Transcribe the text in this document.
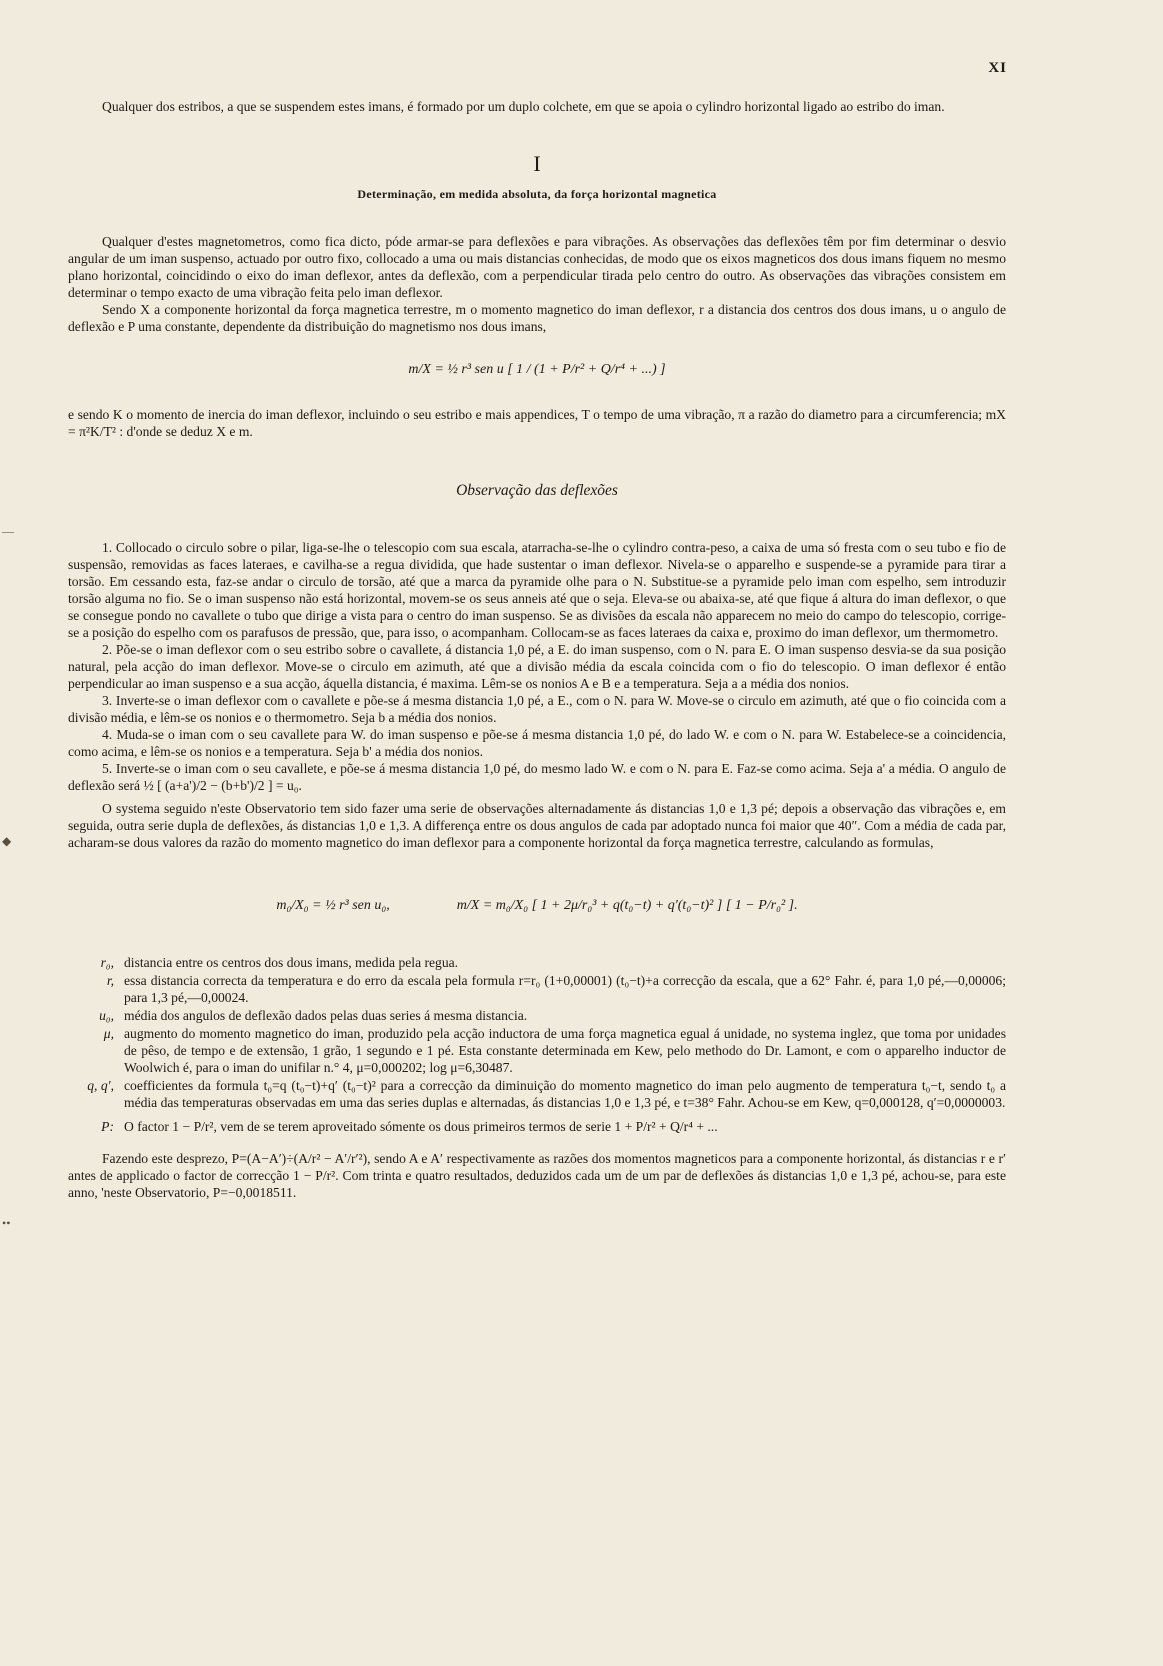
—
◆
••
XI

Qualquer dos estribos, a que se suspendem estes imans, é formado por um duplo colchete, em que se apoia o cylindro horizontal ligado ao estribo do iman.

I
Determinação, em medida absoluta, da força horizontal magnetica

Qualquer d'estes magnetometros, como fica dicto, póde armar-se para deflexões e para vibrações. As observações das deflexões têm por fim determinar o desvio angular de um iman suspenso, actuado por outro fixo, collocado a uma ou mais distancias conhecidas, de modo que os eixos magneticos dos dous imans fiquem no mesmo plano horizontal, coincidindo o eixo do iman deflexor, antes da deflexão, com a perpendicular tirada pelo centro do outro. As observações das vibrações consistem em determinar o tempo exacto de uma vibração feita pelo iman deflexor.

Sendo X a componente horizontal da força magnetica terrestre, m o momento magnetico do iman deflexor, r a distancia dos centros dos dous imans, u o angulo de deflexão e P uma constante, dependente da distribuição do magnetismo nos dous imans,

m/X = ½ r³ sen u [ 1 / (1 + P/r² + Q/r⁴ + ...) ]

e sendo K o momento de inercia do iman deflexor, incluindo o seu estribo e mais appendices, T o tempo de uma vibração, π a razão do diametro para a circumferencia; mX = π²K/T² : d'onde se deduz X e m.

Observação das deflexões

1. Collocado o circulo sobre o pilar, liga-se-lhe o telescopio com sua escala, atarracha-se-lhe o cylindro contra-peso, a caixa de uma só fresta com o seu tubo e fio de suspensão, removidas as faces lateraes, e cavilha-se a regua dividida, que hade sustentar o iman deflexor. Nivela-se o apparelho e suspende-se a pyramide para tirar a torsão. Em cessando esta, faz-se andar o circulo de torsão, até que a marca da pyramide olhe para o N. Substitue-se a pyramide pelo iman com espelho, sem introduzir torsão alguma no fio. Se o iman suspenso não está horizontal, movem-se os seus anneis até que o seja. Eleva-se ou abaixa-se, até que fique á altura do iman deflexor, o que se consegue pondo no cavallete o tubo que dirige a vista para o centro do iman suspenso. Se as divisões da escala não apparecem no meio do campo do telescopio, corrige-se a posição do espelho com os parafusos de pressão, que, para isso, o acompanham. Collocam-se as faces lateraes da caixa e, proximo do iman deflexor, um thermometro.

2. Põe-se o iman deflexor com o seu estribo sobre o cavallete, á distancia 1,0 pé, a E. do iman suspenso, com o N. para E. O iman suspenso desvia-se da sua posição natural, pela acção do iman deflexor. Move-se o circulo em azimuth, até que a divisão média da escala coincida com o fio do telescopio. O iman deflexor é então perpendicular ao iman suspenso e a sua acção, áquella distancia, é maxima. Lêm-se os nonios A e B e a temperatura. Seja a a média dos nonios.

3. Inverte-se o iman deflexor com o cavallete e põe-se á mesma distancia 1,0 pé, a E., com o N. para W. Move-se o circulo em azimuth, até que o fio coincida com a divisão média, e lêm-se os nonios e o thermometro. Seja b a média dos nonios.

4. Muda-se o iman com o seu cavallete para W. do iman suspenso e põe-se á mesma distancia 1,0 pé, do lado W. e com o N. para W. Estabelece-se a coincidencia, como acima, e lêm-se os nonios e a temperatura. Seja b' a média dos nonios.

5. Inverte-se o iman com o seu cavallete, e põe-se á mesma distancia 1,0 pé, do mesmo lado W. e com o N. para E. Faz-se como acima. Seja a' a média. O angulo de deflexão será ½ [ (a+a')/2 − (b+b')/2 ] = u₀.

O systema seguido n'este Observatorio tem sido fazer uma serie de observações alternadamente ás distancias 1,0 e 1,3 pé; depois a observação das vibrações e, em seguida, outra serie dupla de deflexões, ás distancias 1,0 e 1,3. A differença entre os dous angulos de cada par adoptado nunca foi maior que 40″. Com a média de cada par, acharam-se dous valores da razão do momento magnetico do iman deflexor para a componente horizontal da força magnetica terrestre, calculando as formulas,

m₀/X₀ = ½ r³ sen u₀,	m/X = m₀/X₀ [ 1 + 2μ/r₀³ + q(t₀−t) + q′(t₀−t)² ] [ 1 − P/r₀² ].
r₀, distancia entre os centros dos dous imans, medida pela regua.
r, essa distancia correcta da temperatura e do erro da escala pela formula r=r₀ (1+0,00001) (t₀−t)+a correcção da escala, que a 62° Fahr. é, para 1,0 pé,—0,00006; para 1,3 pé,—0,00024.
u₀, média dos angulos de deflexão dados pelas duas series á mesma distancia.
μ, augmento do momento magnetico do iman, produzido pela acção inductora de uma força magnetica egual á unidade, no systema inglez, que toma por unidades de pêso, de tempo e de extensão, 1 grão, 1 segundo e 1 pé. Esta constante determinada em Kew, pelo methodo do Dr. Lamont, e com o apparelho inductor de Woolwich é, para o iman do unifilar n.° 4, μ=0,000202; log μ=6,30487.
q, q′, coefficientes da formula t₀=q (t₀−t)+q′ (t₀−t)² para a correcção da diminuição do momento magnetico do iman pelo augmento de temperatura t₀−t, sendo t₀ a média das temperaturas observadas em uma das series duplas e alternadas, ás distancias 1,0 e 1,3 pé, e t=38° Fahr. Achou-se em Kew, q=0,000128, q′=0,0000003.
P: O factor 1 − P/r², vem de se terem aproveitado sómente os dous primeiros termos de serie 1 + P/r² + Q/r⁴ + ...

Fazendo este desprezo, P=(A−A′)÷(A/r² − A′/r′²), sendo A e A′ respectivamente as razões dos momentos magneticos para a componente horizontal, ás distancias r e r′ antes de applicado o factor de correcção 1 − P/r². Com trinta e quatro resultados, deduzidos cada um de um par de deflexões ás distancias 1,0 e 1,3 pé, achou-se, para este anno, 'neste Observatorio, P=−0,0018511.
